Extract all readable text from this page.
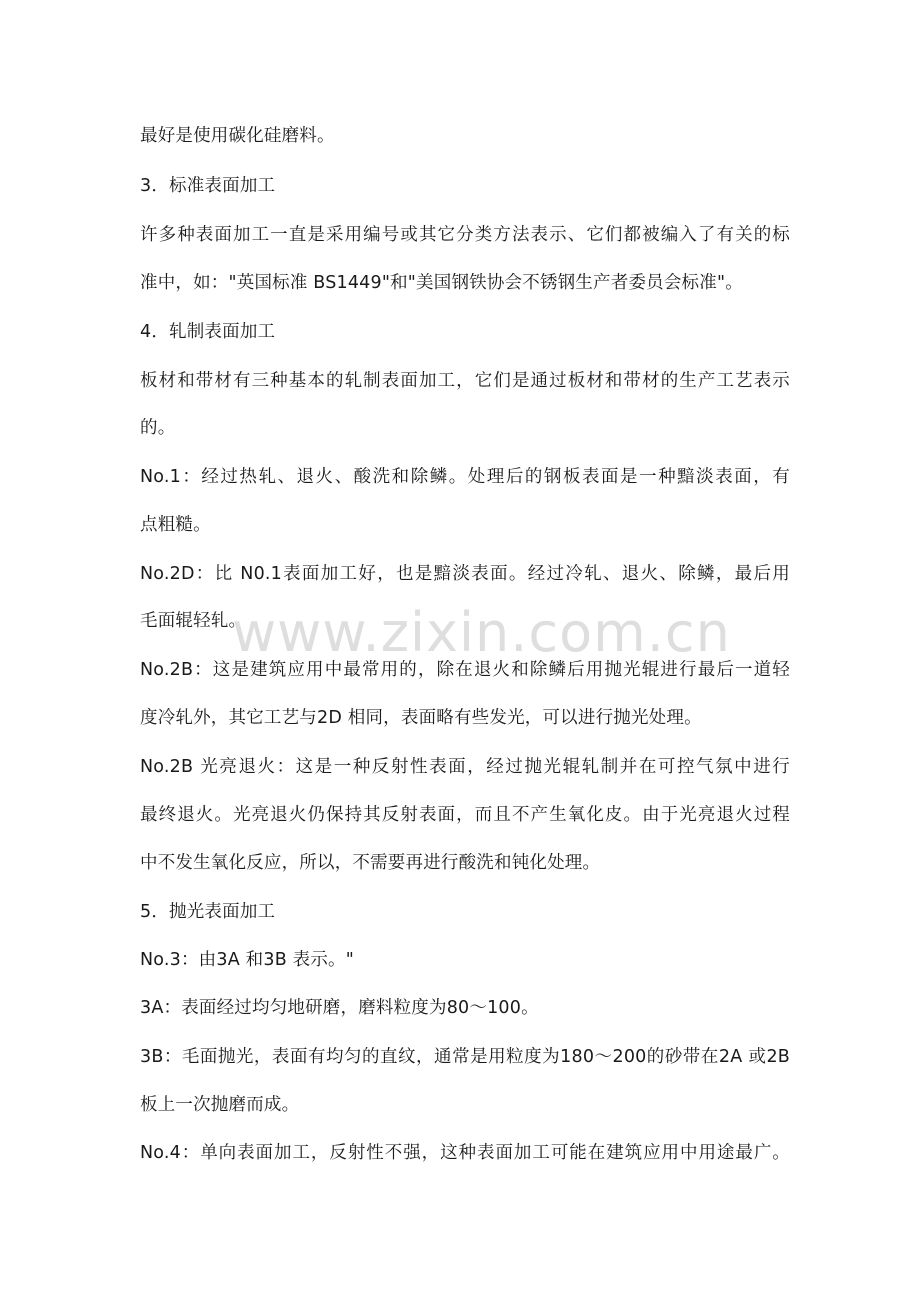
最好是使用碳化硅磨料。
3．标准表面加工
许多种表面加工一直是采用编号或其它分类方法表示、它们都被编入了有关的标
准中，如："英国标准 BS1449"和"美国钢铁协会不锈钢生产者委员会标准"。
4．轧制表面加工
板材和带材有三种基本的轧制表面加工，它们是通过板材和带材的生产工艺表示
的。
No.1：经过热轧、退火、酸洗和除鳞。处理后的钢板表面是一种黯淡表面，有
点粗糙。
No.2D：比 N0.1表面加工好，也是黯淡表面。经过冷轧、退火、除鳞，最后用
毛面辊轻轧。
No.2B：这是建筑应用中最常用的，除在退火和除鳞后用抛光辊进行最后一道轻
度冷轧外，其它工艺与2D 相同，表面略有些发光，可以进行抛光处理。
No.2B 光亮退火：这是一种反射性表面，经过抛光辊轧制并在可控气氛中进行
最终退火。光亮退火仍保持其反射表面，而且不产生氧化皮。由于光亮退火过程
中不发生氧化反应，所以，不需要再进行酸洗和钝化处理。
5．抛光表面加工
No.3：由3A 和3B 表示。"
3A：表面经过均匀地研磨，磨料粒度为80～100。
3B：毛面抛光，表面有均匀的直纹，通常是用粒度为180～200的砂带在2A 或2B
板上一次抛磨而成。
No.4：单向表面加工，反射性不强，这种表面加工可能在建筑应用中用途最广。
www.zixin.com.cn
